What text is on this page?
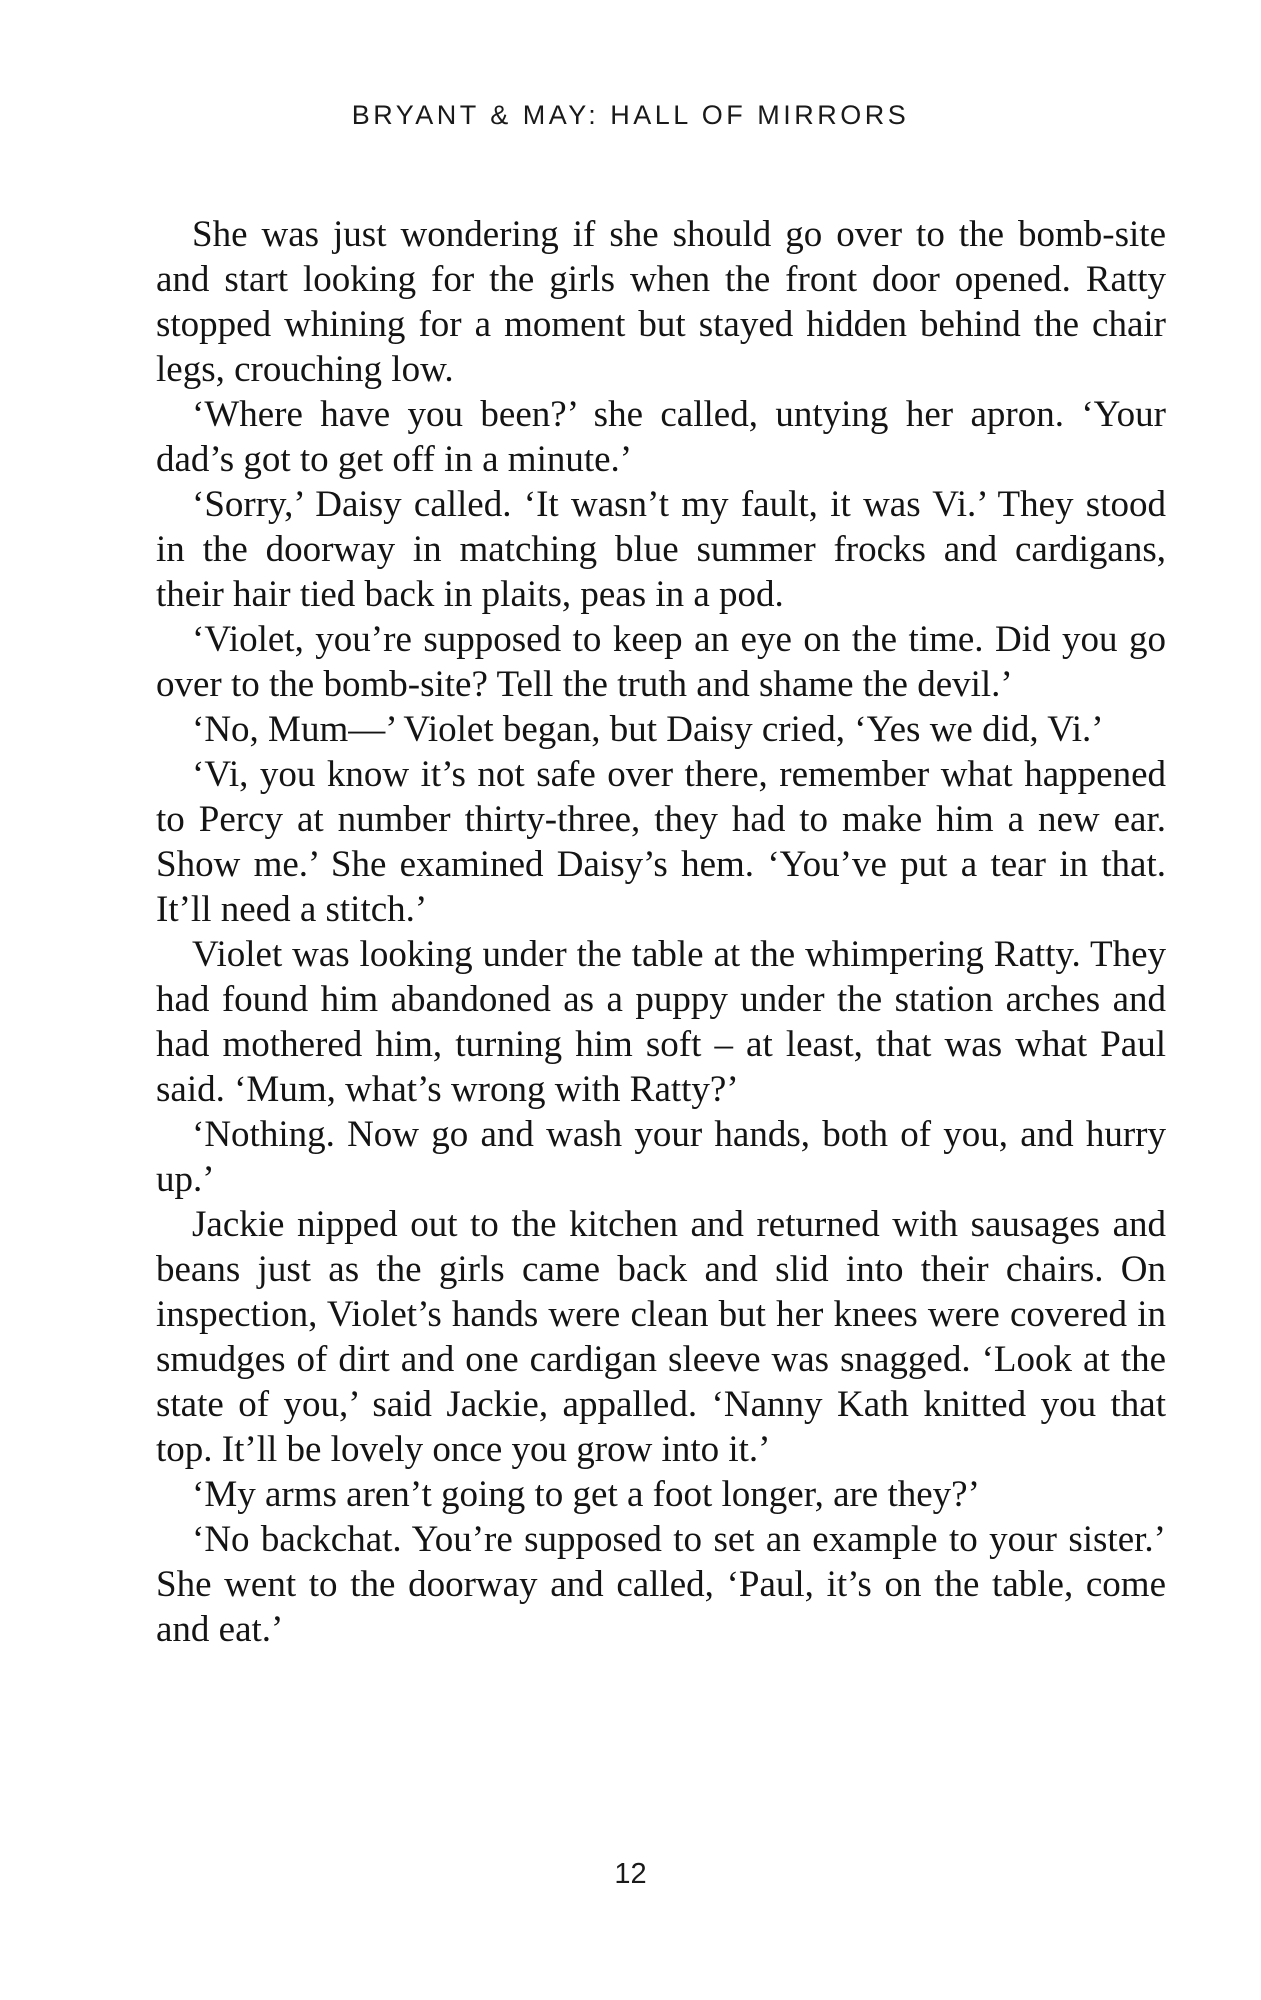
BRYANT & MAY: HALL OF MIRRORS

She was just wondering if she should go over to the bomb-site and start looking for the girls when the front door opened. Ratty stopped whining for a moment but stayed hidden behind the chair legs, crouching low.

‘Where have you been?’ she called, untying her apron. ‘Your dad’s got to get off in a minute.’

‘Sorry,’ Daisy called. ‘It wasn’t my fault, it was Vi.’ They stood in the doorway in matching blue summer frocks and cardigans, their hair tied back in plaits, peas in a pod.

‘Violet, you’re supposed to keep an eye on the time. Did you go over to the bomb-site? Tell the truth and shame the devil.’

‘No, Mum—’ Violet began, but Daisy cried, ‘Yes we did, Vi.’

‘Vi, you know it’s not safe over there, remember what happened to Percy at number thirty-three, they had to make him a new ear. Show me.’ She examined Daisy’s hem. ‘You’ve put a tear in that. It’ll need a stitch.’

Violet was looking under the table at the whimpering Ratty. They had found him abandoned as a puppy under the station arches and had mothered him, turning him soft – at least, that was what Paul said. ‘Mum, what’s wrong with Ratty?’

‘Nothing. Now go and wash your hands, both of you, and hurry up.’

Jackie nipped out to the kitchen and returned with sausages and beans just as the girls came back and slid into their chairs. On inspection, Violet’s hands were clean but her knees were covered in smudges of dirt and one cardigan sleeve was snagged. ‘Look at the state of you,’ said Jackie, appalled. ‘Nanny Kath knitted you that top. It’ll be lovely once you grow into it.’

‘My arms aren’t going to get a foot longer, are they?’

‘No backchat. You’re supposed to set an example to your sister.’ She went to the doorway and called, ‘Paul, it’s on the table, come and eat.’

12
